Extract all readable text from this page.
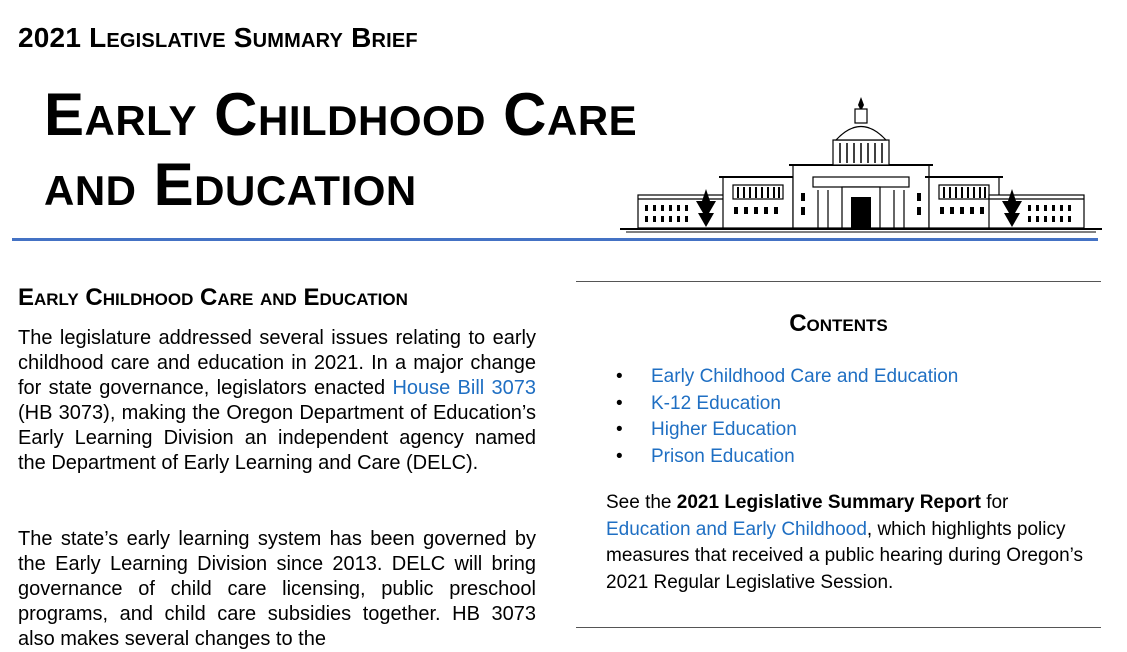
2021 Legislative Summary Brief
Early Childhood Care
and Education
Early Childhood Care and Education
The legislature addressed several issues relating to early childhood care and education in 2021. In a major change for state governance, legislators enacted House Bill 3073 (HB 3073), making the Oregon Department of Education’s Early Learning Division an independent agency named the Department of Early Learning and Care (DELC).
The state’s early learning system has been governed by the Early Learning Division since 2013. DELC will bring governance of child care licensing, public preschool programs, and child care subsidies together. HB 3073 also makes several changes to the
Contents
• Early Childhood Care and Education
• K-12 Education
• Higher Education
• Prison Education
See the 2021 Legislative Summary Report for Education and Early Childhood, which highlights policy measures that received a public hearing during Oregon’s 2021 Regular Legislative Session.
